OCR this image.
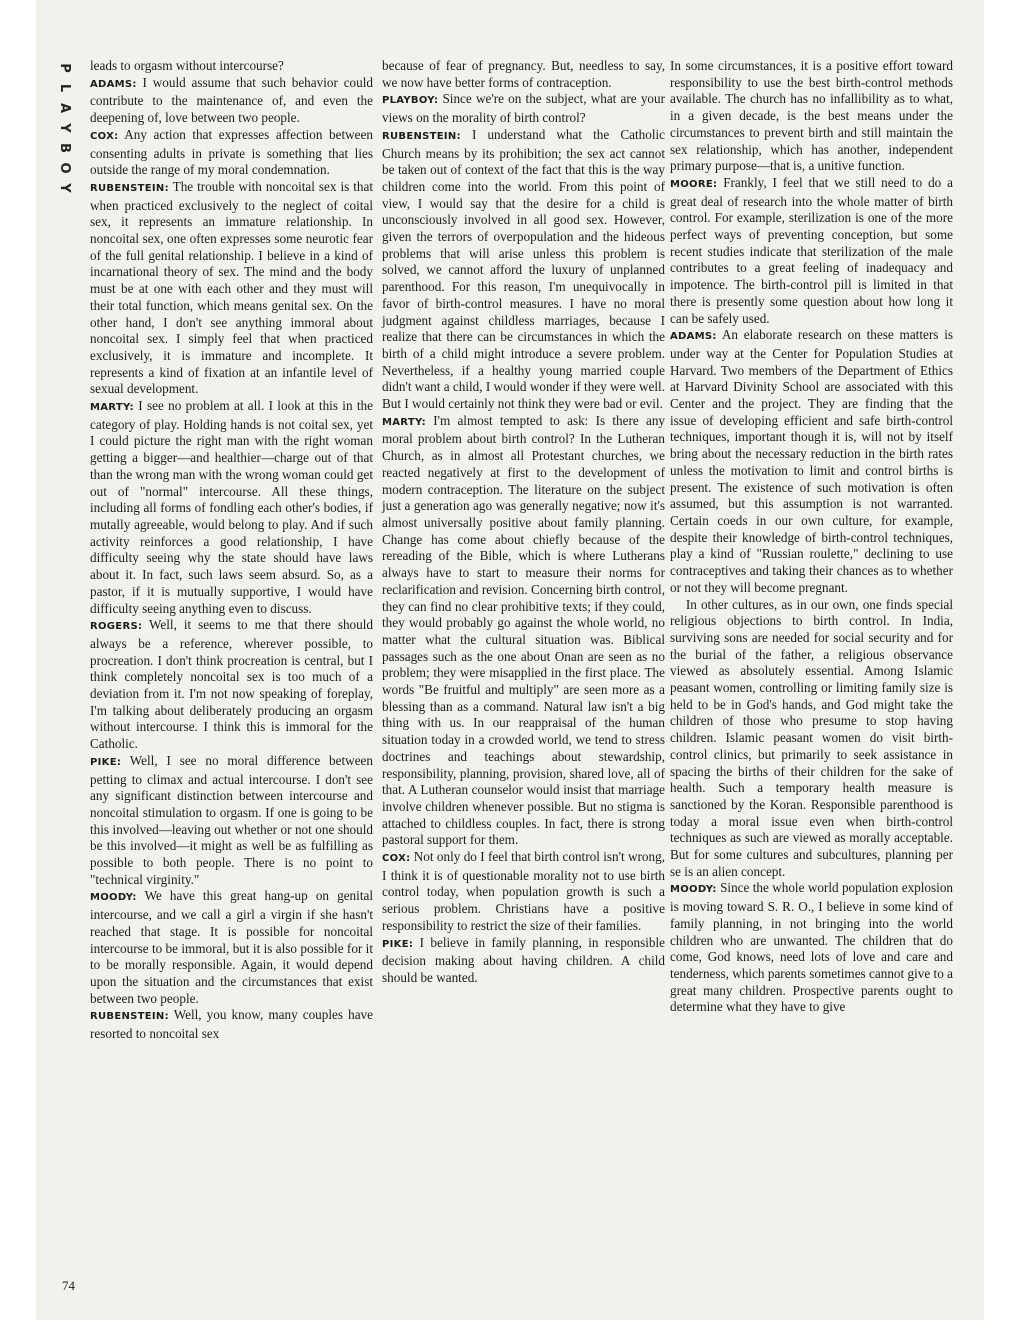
P
L
A
Y
B
O
Y
74

leads to orgasm without intercourse?

ADAMS: I would assume that such behavior could contribute to the maintenance of, and even the deepening of, love between two people.

COX: Any action that expresses affection between consenting adults in private is something that lies outside the range of my moral condemnation.

RUBENSTEIN: The trouble with noncoital sex is that when practiced exclusively to the neglect of coital sex, it represents an immature relationship. In noncoital sex, one often expresses some neurotic fear of the full genital relationship. I believe in a kind of incarnational theory of sex. The mind and the body must be at one with each other and they must will their total function, which means genital sex. On the other hand, I don't see anything immoral about noncoital sex. I simply feel that when practiced exclusively, it is immature and incomplete. It represents a kind of fixation at an infantile level of sexual development.

MARTY: I see no problem at all. I look at this in the category of play. Holding hands is not coital sex, yet I could picture the right man with the right woman getting a bigger—and healthier—charge out of that than the wrong man with the wrong woman could get out of "normal" intercourse. All these things, including all forms of fondling each other's bodies, if mutally agreeable, would belong to play. And if such activity reinforces a good relationship, I have difficulty seeing why the state should have laws about it. In fact, such laws seem absurd. So, as a pastor, if it is mutually supportive, I would have difficulty seeing anything even to discuss.

ROGERS: Well, it seems to me that there should always be a reference, wherever possible, to procreation. I don't think procreation is central, but I think completely noncoital sex is too much of a deviation from it. I'm not now speaking of foreplay, I'm talking about deliberately producing an orgasm without intercourse. I think this is immoral for the Catholic.

PIKE: Well, I see no moral difference between petting to climax and actual intercourse. I don't see any significant distinction between intercourse and noncoital stimulation to orgasm. If one is going to be this involved—leaving out whether or not one should be this involved—it might as well be as fulfilling as possible to both people. There is no point to "technical virginity."

MOODY: We have this great hang-up on genital intercourse, and we call a girl a virgin if she hasn't reached that stage. It is possible for noncoital intercourse to be immoral, but it is also possible for it to be morally responsible. Again, it would depend upon the situation and the circumstances that exist between two people.

RUBENSTEIN: Well, you know, many couples have resorted to noncoital sex

because of fear of pregnancy. But, needless to say, we now have better forms of contraception.

PLAYBOY: Since we're on the subject, what are your views on the morality of birth control?

RUBENSTEIN: I understand what the Catholic Church means by its prohibition; the sex act cannot be taken out of context of the fact that this is the way children come into the world. From this point of view, I would say that the desire for a child is unconsciously involved in all good sex. However, given the terrors of overpopulation and the hideous problems that will arise unless this problem is solved, we cannot afford the luxury of unplanned parenthood. For this reason, I'm unequivocally in favor of birth-control measures. I have no moral judgment against childless marriages, because I realize that there can be circumstances in which the birth of a child might introduce a severe problem. Nevertheless, if a healthy young married couple didn't want a child, I would wonder if they were well. But I would certainly not think they were bad or evil.

MARTY: I'm almost tempted to ask: Is there any moral problem about birth control? In the Lutheran Church, as in almost all Protestant churches, we reacted negatively at first to the development of modern contraception. The literature on the subject just a generation ago was generally negative; now it's almost universally positive about family planning. Change has come about chiefly because of the rereading of the Bible, which is where Lutherans always have to start to measure their norms for reclarification and revision. Concerning birth control, they can find no clear prohibitive texts; if they could, they would probably go against the whole world, no matter what the cultural situation was. Biblical passages such as the one about Onan are seen as no problem; they were misapplied in the first place. The words "Be fruitful and multiply" are seen more as a blessing than as a command. Natural law isn't a big thing with us. In our reappraisal of the human situation today in a crowded world, we tend to stress doctrines and teachings about stewardship, responsibility, planning, provision, shared love, all of that. A Lutheran counselor would insist that marriage involve children whenever possible. But no stigma is attached to childless couples. In fact, there is strong pastoral support for them.

COX: Not only do I feel that birth control isn't wrong, I think it is of questionable morality not to use birth control today, when population growth is such a serious problem. Christians have a positive responsibility to restrict the size of their families.

PIKE: I believe in family planning, in responsible decision making about having children. A child should be wanted.

In some circumstances, it is a positive effort toward responsibility to use the best birth-control methods available. The church has no infallibility as to what, in a given decade, is the best means under the circumstances to prevent birth and still maintain the sex relationship, which has another, independent primary purpose—that is, a unitive function.

MOORE: Frankly, I feel that we still need to do a great deal of research into the whole matter of birth control. For example, sterilization is one of the more perfect ways of preventing conception, but some recent studies indicate that sterilization of the male contributes to a great feeling of inadequacy and impotence. The birth-control pill is limited in that there is presently some question about how long it can be safely used.

ADAMS: An elaborate research on these matters is under way at the Center for Population Studies at Harvard. Two members of the Department of Ethics at Harvard Divinity School are associated with this Center and the project. They are finding that the issue of developing efficient and safe birth-control techniques, important though it is, will not by itself bring about the necessary reduction in the birth rates unless the motivation to limit and control births is present. The existence of such motivation is often assumed, but this assumption is not warranted. Certain coeds in our own culture, for example, despite their knowledge of birth-control techniques, play a kind of "Russian roulette," declining to use contraceptives and taking their chances as to whether or not they will become pregnant.

In other cultures, as in our own, one finds special religious objections to birth control. In India, surviving sons are needed for social security and for the burial of the father, a religious observance viewed as absolutely essential. Among Islamic peasant women, controlling or limiting family size is held to be in God's hands, and God might take the children of those who presume to stop having children. Islamic peasant women do visit birth-control clinics, but primarily to seek assistance in spacing the births of their children for the sake of health. Such a temporary health measure is sanctioned by the Koran. Responsible parenthood is today a moral issue even when birth-control techniques as such are viewed as morally acceptable. But for some cultures and subcultures, planning per se is an alien concept.

MOODY: Since the whole world population explosion is moving toward S. R. O., I believe in some kind of family planning, in not bringing into the world children who are unwanted. The children that do come, God knows, need lots of love and care and tenderness, which parents sometimes cannot give to a great many children. Prospective parents ought to determine what they have to give
